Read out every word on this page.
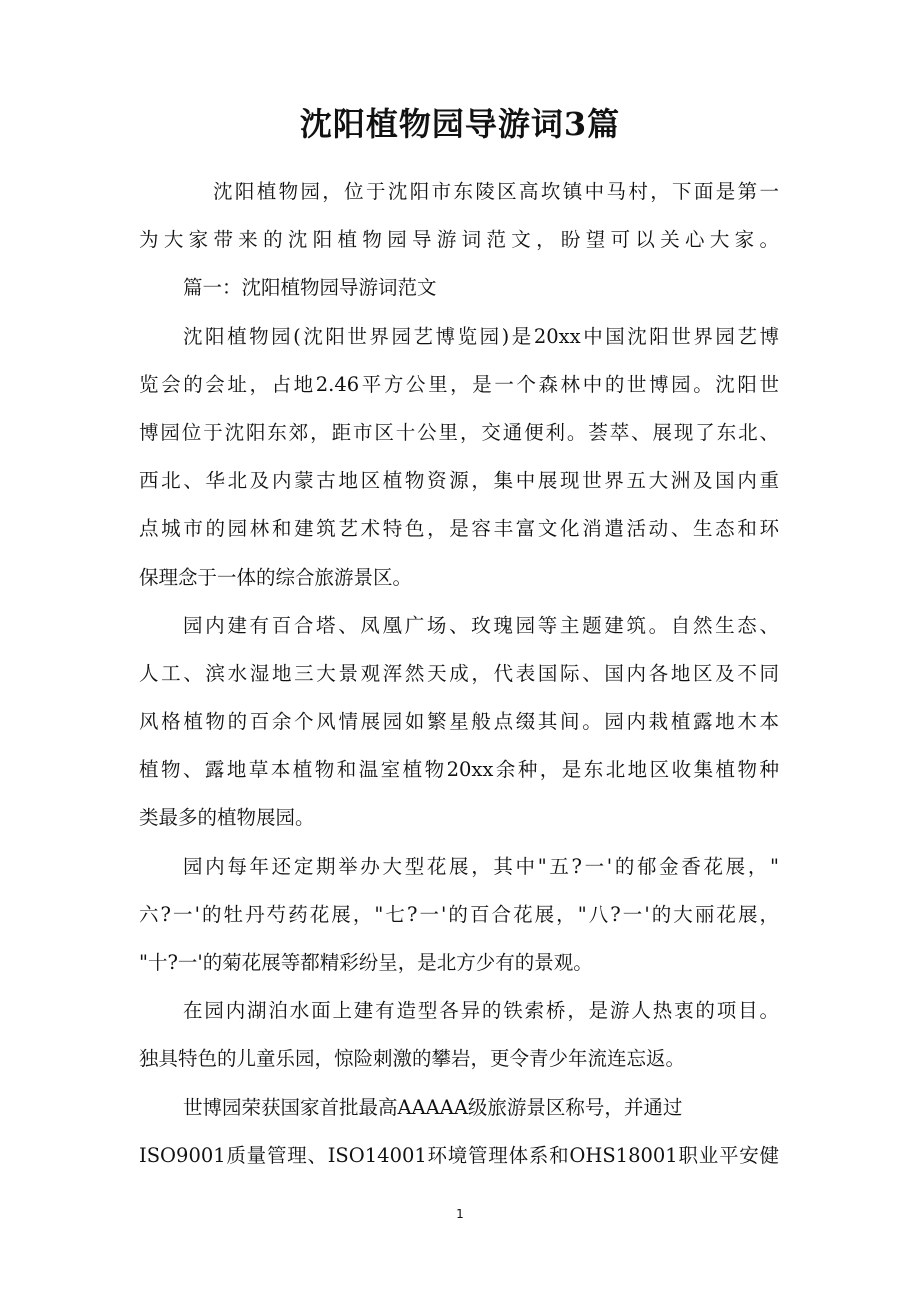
沈阳植物园导游词3篇
沈阳植物园，位于沈阳市东陵区高坎镇中马村，下面是第一
为大家带来的沈阳植物园导游词范文，盼望可以关心大家。
篇一：沈阳植物园导游词范文
沈阳植物园(沈阳世界园艺博览园)是20xx中国沈阳世界园艺博
览会的会址，占地2.46平方公里，是一个森林中的世博园。沈阳世
博园位于沈阳东郊，距市区十公里，交通便利。荟萃、展现了东北、
西北、华北及内蒙古地区植物资源，集中展现世界五大洲及国内重
点城市的园林和建筑艺术特色，是容丰富文化消遣活动、生态和环
保理念于一体的综合旅游景区。
园内建有百合塔、凤凰广场、玫瑰园等主题建筑。自然生态、
人工、滨水湿地三大景观浑然天成，代表国际、国内各地区及不同
风格植物的百余个风情展园如繁星般点缀其间。园内栽植露地木本
植物、露地草本植物和温室植物20xx余种，是东北地区收集植物种
类最多的植物展园。
园内每年还定期举办大型花展，其中"五?一'的郁金香花展，"
六?一'的牡丹芍药花展，"七?一'的百合花展，"八?一'的大丽花展，
"十?一'的菊花展等都精彩纷呈，是北方少有的景观。
在园内湖泊水面上建有造型各异的铁索桥，是游人热衷的项目。
独具特色的儿童乐园，惊险刺激的攀岩，更令青少年流连忘返。
世博园荣获国家首批最高AAAAA级旅游景区称号，并通过
ISO9001质量管理、ISO14001环境管理体系和OHS18001职业平安健
1
